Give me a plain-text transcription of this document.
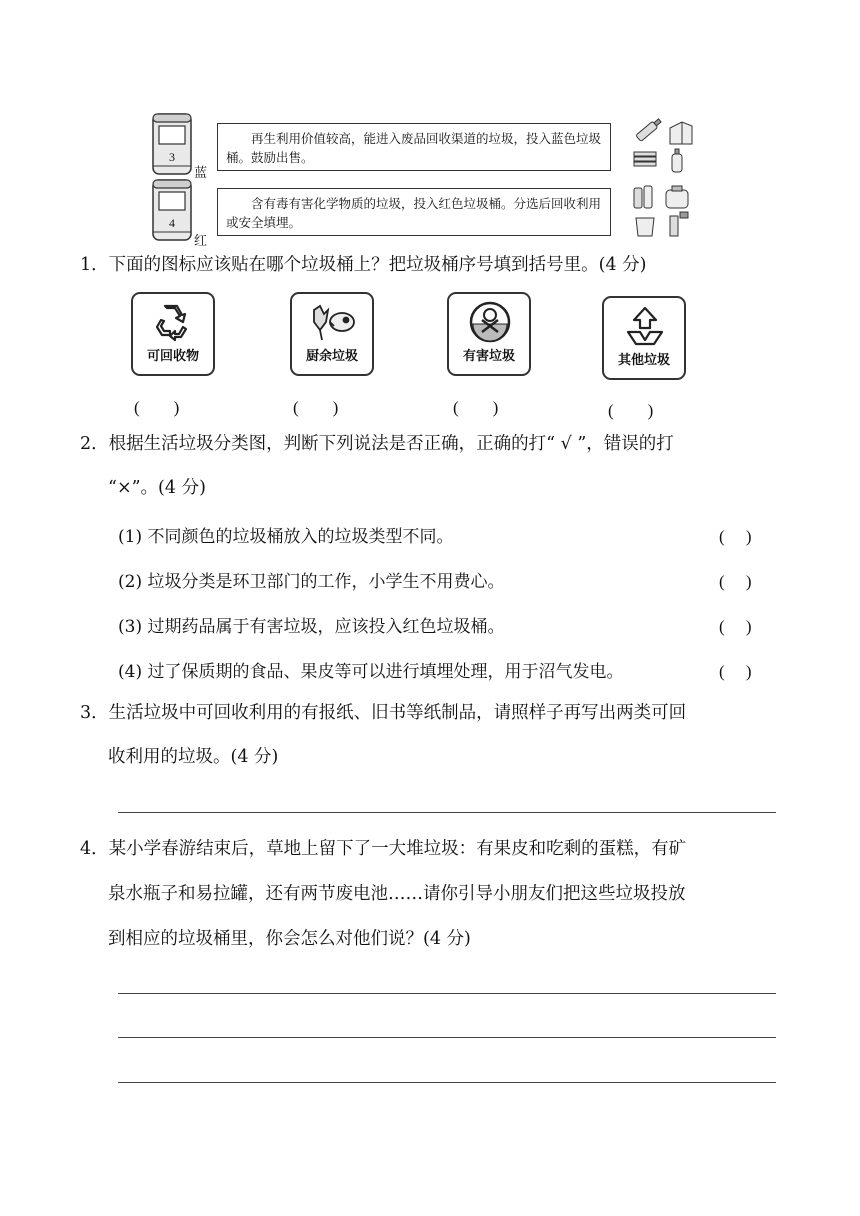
3
蓝
再生利用价值较高，能进入废品回收渠道的垃圾，投入蓝色垃圾桶。鼓励出售。
4
红
含有毒有害化学物质的垃圾，投入红色垃圾桶。分选后回收利用或安全填埋。
1．下面的图标应该贴在哪个垃圾桶上？把垃圾桶序号填到括号里。(4 分)
可回收物	厨余垃圾	有害垃圾	其他垃圾
(　　)	(　　)	(　　)	(　　)
2．根据生活垃圾分类图，判断下列说法是否正确，正确的打“ √ ”，错误的打
“×”。(4 分)
(1) 不同颜色的垃圾桶放入的垃圾类型不同。	(　 )
(2) 垃圾分类是环卫部门的工作，小学生不用费心。	(　 )
(3) 过期药品属于有害垃圾，应该投入红色垃圾桶。	(　 )
(4) 过了保质期的食品、果皮等可以进行填埋处理，用于沼气发电。	(　 )
3．生活垃圾中可回收利用的有报纸、旧书等纸制品，请照样子再写出两类可回
收利用的垃圾。(4 分)
4．某小学春游结束后，草地上留下了一大堆垃圾：有果皮和吃剩的蛋糕，有矿
泉水瓶子和易拉罐，还有两节废电池……请你引导小朋友们把这些垃圾投放
到相应的垃圾桶里，你会怎么对他们说？(4 分)
